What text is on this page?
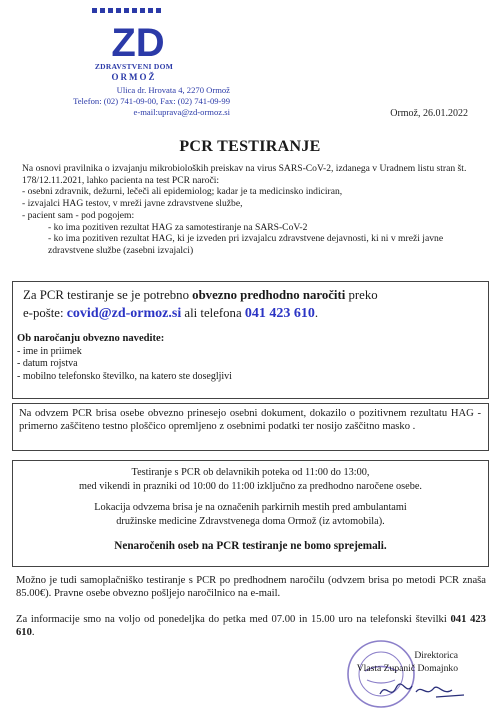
ZD
ZDRAVSTVENI DOM
ORMOŽ
Ulica dr. Hrovata 4, 2270 Ormož
Telefon: (02) 741-09-00, Fax: (02) 741-09-99
e-mail:uprava@zd-ormoz.si	Ormož, 26.01.2022
PCR TESTIRANJE

Na osnovi pravilnika o izvajanju mikrobioloških preiskav na virus SARS-CoV-2, izdanega v Uradnem listu stran št. 178/12.11.2021, lahko pacienta na test PCR naroči:

- osebni zdravnik, dežurni, lečeči ali epidemiolog; kadar je ta medicinsko indiciran,

- izvajalci HAG testov, v mreži javne zdravstvene službe,

- pacient sam - pod pogojem:

- ko ima pozitiven rezultat HAG za samotestiranje na SARS-CoV-2

- ko ima pozitiven rezultat HAG, ki je izveden pri izvajalcu zdravstvene dejavnosti, ki ni v mreži javne zdravstvene službe (zasebni izvajalci)

Za PCR testiranje se je potrebno obvezno predhodno naročiti preko
e-pošte: covid@zd-ormoz.si ali telefona 041 423 610.
Ob naročanju obvezno navedite:
- ime in priimek
- datum rojstva
- mobilno telefonsko številko, na katero ste dosegljivi
Na odvzem PCR brisa osebe obvezno prinesejo osebni dokument, dokazilo o pozitivnem rezultatu HAG - primerno zaščiteno testno ploščico opremljeno z osebnimi podatki ter nosijo zaščitno masko .
Testiranje s PCR ob delavnikih poteka od 11:00 do 13:00,
med vikendi in prazniki od 10:00 do 11:00 izključno za predhodno naročene osebe.
Lokacija odvzema brisa je na označenih parkirnih mestih pred ambulantami
družinske medicine Zdravstvenega doma Ormož (iz avtomobila).
Nenaročenih oseb na PCR testiranje ne bomo sprejemali.
Možno je tudi samoplačniško testiranje s PCR po predhodnem naročilu (odvzem brisa po metodi PCR znaša 85.00€). Pravne osebe obvezno pošljejo naročilnico na e-mail.
Za informacije smo na voljo od ponedeljka do petka med 07.00 in 15.00 uro na telefonski številki 041 423 610.
Direktorica
Vlasta Zupanič Domajnko
